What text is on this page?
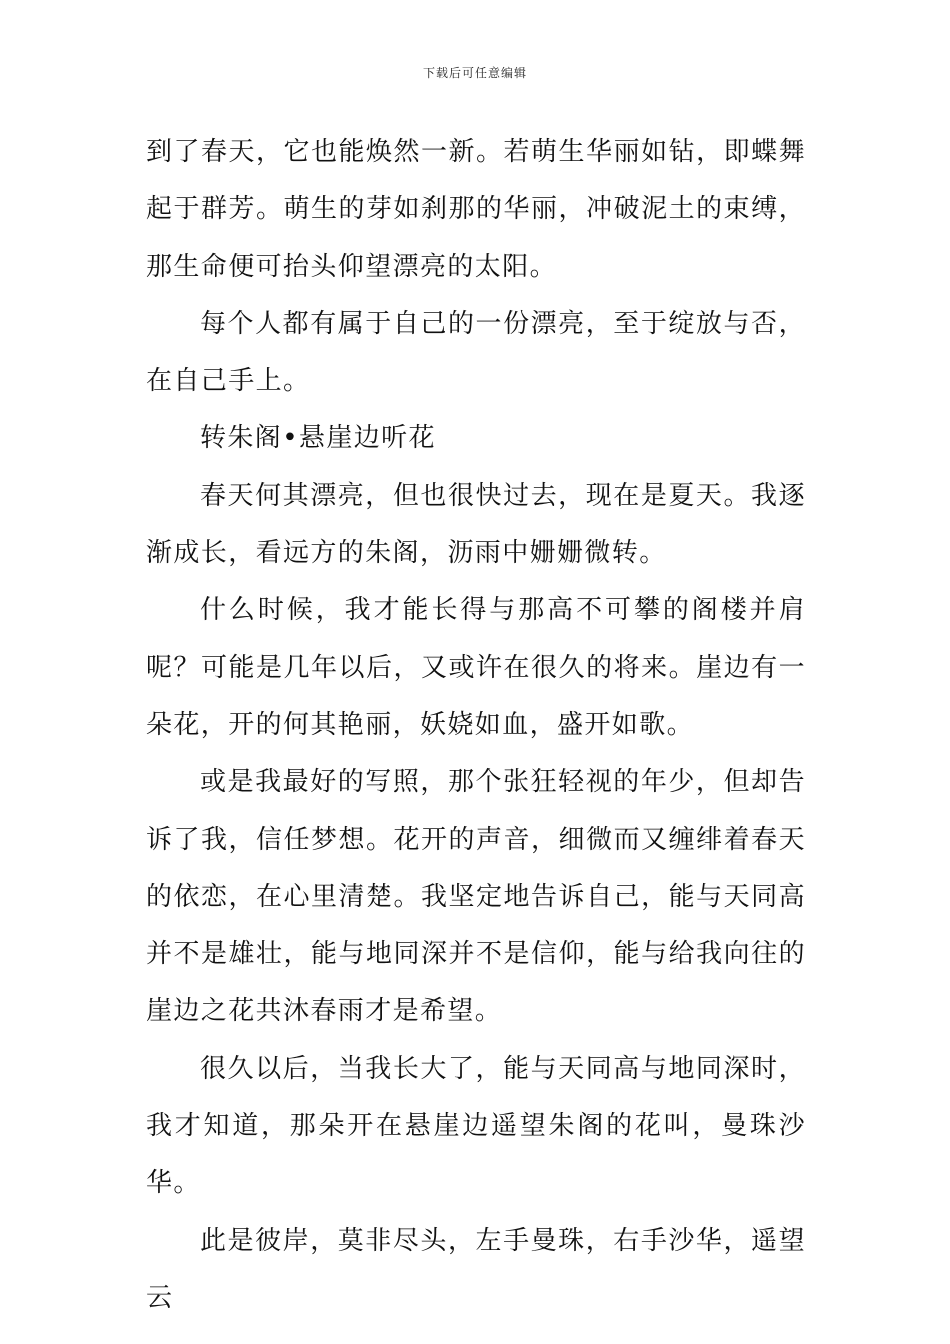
下载后可任意编辑

到了春天，它也能焕然一新。若萌生华丽如钻，即蝶舞起于群芳。萌生的芽如刹那的华丽，冲破泥土的束缚，那生命便可抬头仰望漂亮的太阳。

每个人都有属于自己的一份漂亮，至于绽放与否，在自己手上。

转朱阁•悬崖边听花

春天何其漂亮，但也很快过去，现在是夏天。我逐渐成长，看远方的朱阁，沥雨中姗姗微转。

什么时候，我才能长得与那高不可攀的阁楼并肩呢？可能是几年以后，又或许在很久的将来。崖边有一朵花，开的何其艳丽，妖娆如血，盛开如歌。

或是我最好的写照，那个张狂轻视的年少，但却告诉了我，信任梦想。花开的声音，细微而又缠绯着春天的依恋，在心里清楚。我坚定地告诉自己，能与天同高并不是雄壮，能与地同深并不是信仰，能与给我向往的崖边之花共沐春雨才是希望。

很久以后，当我长大了，能与天同高与地同深时，我才知道，那朵开在悬崖边遥望朱阁的花叫，曼珠沙华。

此是彼岸，莫非尽头，左手曼珠，右手沙华，遥望云
